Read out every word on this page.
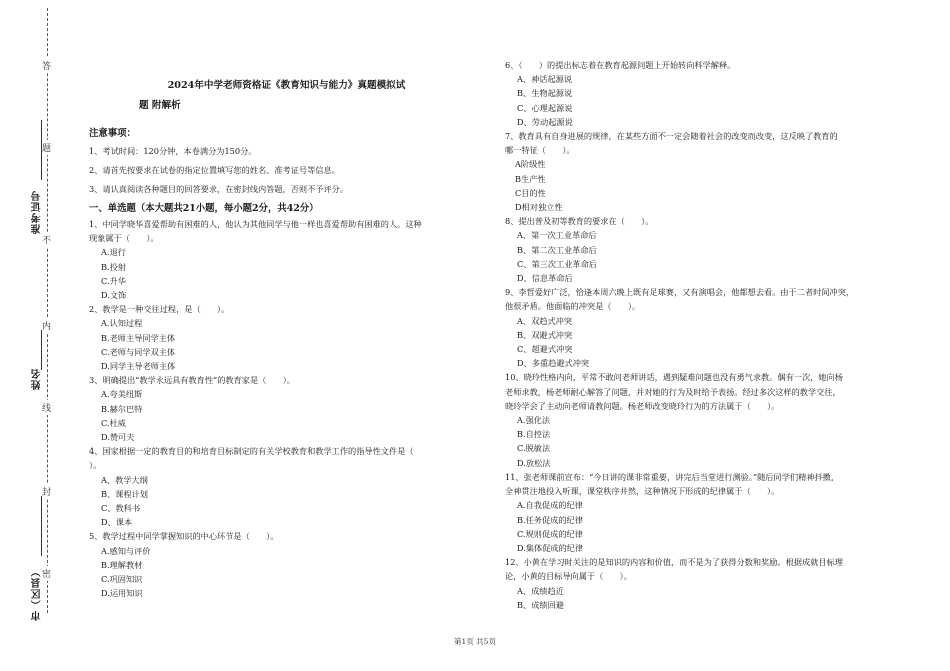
答
题
不
内
线
封
密
准考证号
姓名
市（区县）
2024年中学老师资格证《教育知识与能力》真题模拟试
题 附解析
注意事项：

1、考试时间：120分钟，本卷满分为150分。

2、请首先按要求在试卷的指定位置填写您的姓名、准考证号等信息。

3、请认真阅读各种题目的回答要求，在密封线内答题，否则不予评分。

一、单选题（本大题共21小题，每小题2分，共42分）

1、中同学晓华喜爱帮助有困难的人，他认为其他同学与他一样也喜爱帮助有困难的人。这种

现象属于（　　）。

A.退行

B.投射

C.升华

D.文饰

2、教学是一种交往过程，是（　　）。

A.认知过程

B.老师主导同学主体

C.老师与同学双主体

D.同学主导老师主体

3、明确提出“教学永远具有教育性”的教育家是（　　）。

A.夸美纽斯

B.赫尔巴特

C.杜威

D.赞可夫

4、国家根据一定的教育目的和培育目标制定的有关学校教育和教学工作的指导性文件是（

）。

A、教学大纲

B、课程计划

C、教科书

D、课本

5、教学过程中同学掌握知识的中心环节是（　　）。

A.感知与评价

B.理解教材

C.巩固知识

D.运用知识

6、（　　）的提出标志着在教育起源问题上开始转向科学解释。

A、神话起源说

B、生物起源说

C、心理起源说

D、劳动起源说

7、教育具有自身进展的规律，在某些方面不一定会随着社会的改变而改变，这反映了教育的

哪一特征（　　）。

A阶级性

B生产性

C目的性

D相对独立性

8、提出普及初等教育的要求在（　　）。

A、第一次工业革命后

B、第二次工业革命后

C、第三次工业革命后

D、信息革命后

9、李哲爱好广泛，恰逢本周六晚上既有足球赛，又有演唱会，他都想去看。由于二者时间冲突，

他很矛盾。他面临的冲突是（　　）。

A、双趋式冲突

B、双避式冲突

C、超避式冲突

D、多重趋避式冲突

10、晓玲性格内向，平常不敢问老师讲话，遇到疑难问题也没有勇气求教。偶有一次，她向杨

老师求教，杨老师耐心解答了问题，并对她的行为及时给予表扬。经过多次这样的教学交往，

晓玲学会了主动向老师请教问题。杨老师改变晓玲行为的方法属于（　　）。

A.强化法

B.自控法

C.脱敏法

D.放松法

11、张老师课前宣布：“今日讲的课非常重要，讲完后当堂进行测验。”随后同学们精神抖擞，

全神贯注地投入听课，课堂秩序井然，这种情况下形成的纪律属于（　　）。

A.自我促成的纪律

B.任务促成的纪律

C.规则促成的纪律

D.集体促成的纪律

12、小黄在学习时关注的是知识的内容和价值，而不是为了获得分数和奖励。根据成就目标理

论，小黄的目标导向属于（　　）。

A、成绩趋近

B、成绩回避

第1页 共5页
